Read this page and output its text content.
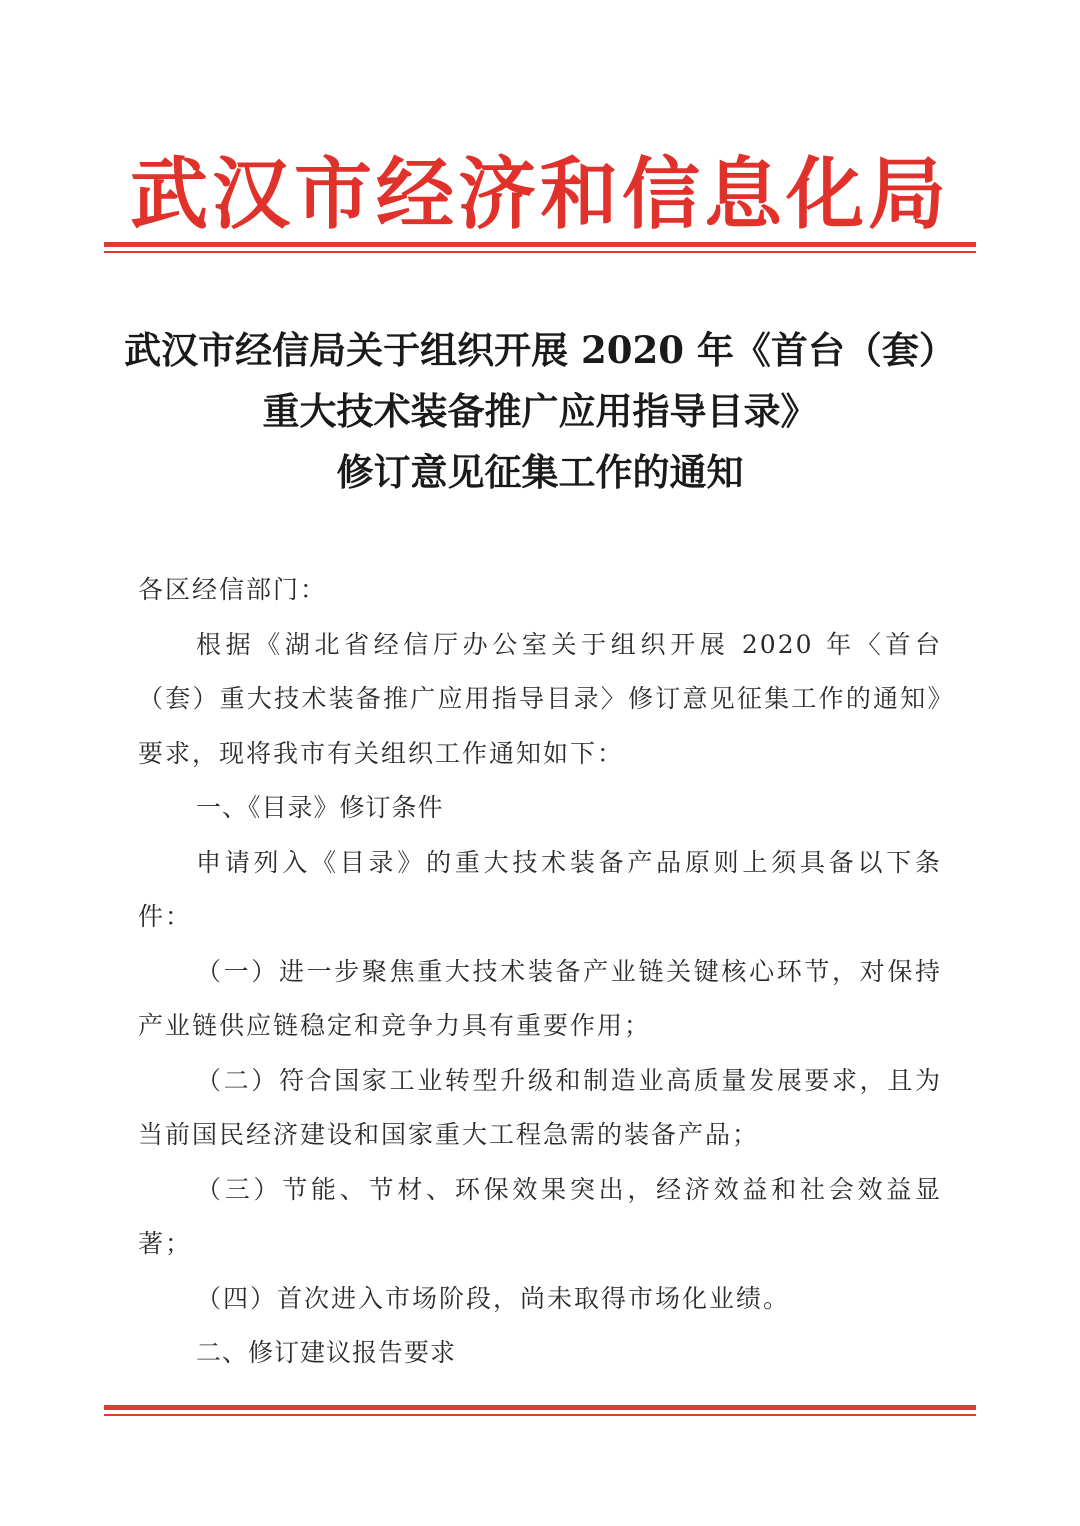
武汉市经济和信息化局
武汉市经信局关于组织开展 2020 年《首台（套）
重大技术装备推广应用指导目录》
修订意见征集工作的通知

各区经信部门：

根据《湖北省经信厅办公室关于组织开展 2020 年〈首台（套）重大技术装备推广应用指导目录〉修订意见征集工作的通知》要求，现将我市有关组织工作通知如下：

一、《目录》修订条件

申请列入《目录》的重大技术装备产品原则上须具备以下条件：

（一）进一步聚焦重大技术装备产业链关键核心环节，对保持产业链供应链稳定和竞争力具有重要作用；

（二）符合国家工业转型升级和制造业高质量发展要求，且为当前国民经济建设和国家重大工程急需的装备产品；

（三）节能、节材、环保效果突出，经济效益和社会效益显著；

（四）首次进入市场阶段，尚未取得市场化业绩。

二、修订建议报告要求
